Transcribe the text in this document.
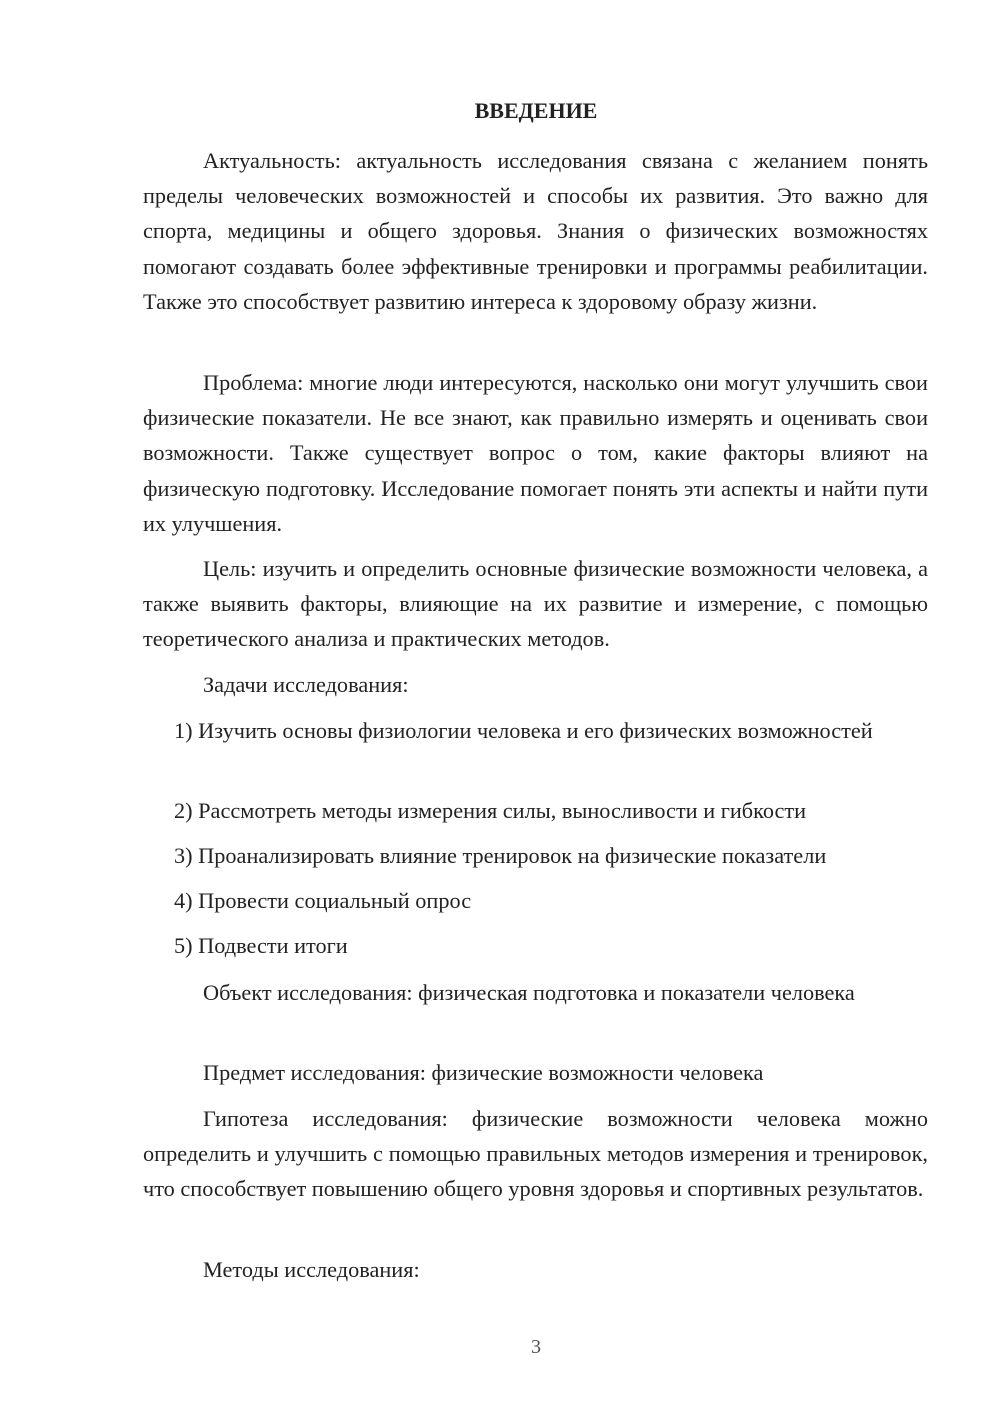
ВВЕДЕНИЕ

Актуальность: актуальность исследования связана с желанием понять пределы человеческих возможностей и способы их развития. Это важно для спорта, медицины и общего здоровья. Знания о физических возможностях помогают создавать более эффективные тренировки и программы реабилитации. Также это способствует развитию интереса к здоровому образу жизни.

Проблема: многие люди интересуются, насколько они могут улучшить свои физические показатели. Не все знают, как правильно измерять и оценивать свои возможности. Также существует вопрос о том, какие факторы влияют на физическую подготовку. Исследование помогает понять эти аспекты и найти пути их улучшения.

Цель: изучить и определить основные физические возможности человека, а также выявить факторы, влияющие на их развитие и измерение, с помощью теоретического анализа и практических методов.

Задачи исследования:

1) Изучить основы физиологии человека и его физических возможностей

2) Рассмотреть методы измерения силы, выносливости и гибкости

3) Проанализировать влияние тренировок на физические показатели

4) Провести социальный опрос

5) Подвести итоги

Объект исследования: физическая подготовка и показатели человека

Предмет исследования: физические возможности человека

Гипотеза исследования: физические возможности человека можно определить и улучшить с помощью правильных методов измерения и тренировок, что способствует повышению общего уровня здоровья и спортивных результатов.

Методы исследования:

3
